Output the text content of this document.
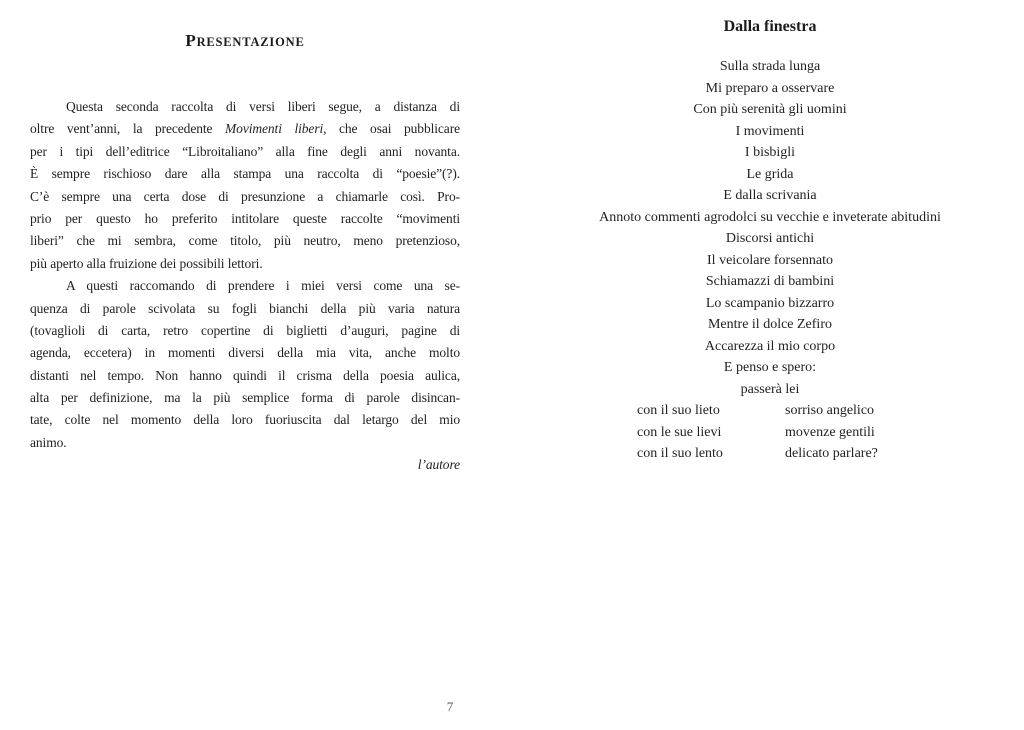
PRESENTAZIONE
Questa seconda raccolta di versi liberi segue, a distanza di
oltre vent’anni, la precedente Movimenti liberi, che osai pubblicare
per i tipi dell’editrice “Libroitaliano” alla fine degli anni novanta.
È sempre rischioso dare alla stampa una raccolta di “poesie”(?).
C’è sempre una certa dose di presunzione a chiamarle così. Pro-
prio per questo ho preferito intitolare queste raccolte “movimenti
liberi” che mi sembra, come titolo, più neutro, meno pretenzioso,
più aperto alla fruizione dei possibili lettori.
A questi raccomando di prendere i miei versi come una se-
quenza di parole scivolata su fogli bianchi della più varia natura
(tovaglioli di carta, retro copertine di biglietti d’auguri, pagine di
agenda, eccetera) in momenti diversi della mia vita, anche molto
distanti nel tempo. Non hanno quindi il crisma della poesia aulica,
alta per definizione, ma la più semplice forma di parole disincan-
tate, colte nel momento della loro fuoriuscita dal letargo del mio
animo.
l’autore
Dalla finestra
Sulla strada lunga
Mi preparo a osservare
Con più serenità gli uomini
I movimenti
I bisbigli
Le grida
E dalla scrivania
Annoto commenti agrodolci su vecchie e inveterate abitudini
Discorsi antichi
Il veicolare forsennato
Schiamazzi di bambini
Lo scampanio bizzarro
Mentre il dolce Zefiro
Accarezza il mio corpo
E penso e spero:
passerà lei
con il suo lieto	sorriso angelico
con le sue lievi	movenze gentili
con il suo lento	delicato parlare?
7
